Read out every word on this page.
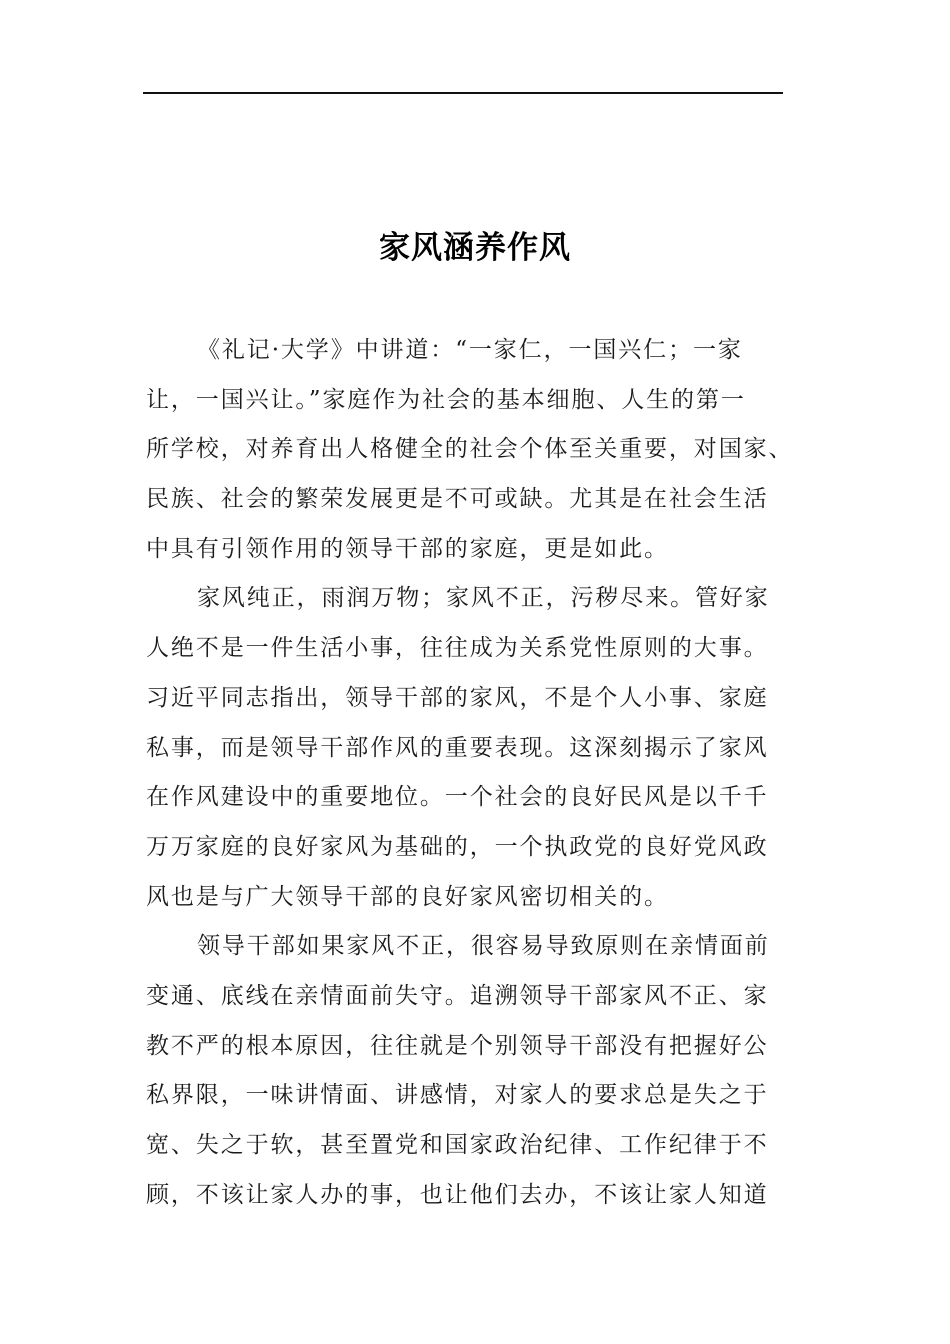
家风涵养作风
《礼记·大学》中讲道：“一家仁，一国兴仁；一家
让，一国兴让。”家庭作为社会的基本细胞、人生的第一
所学校，对养育出人格健全的社会个体至关重要，对国家、
民族、社会的繁荣发展更是不可或缺。尤其是在社会生活
中具有引领作用的领导干部的家庭，更是如此。
家风纯正，雨润万物；家风不正，污秽尽来。管好家
人绝不是一件生活小事，往往成为关系党性原则的大事。
习近平同志指出，领导干部的家风，不是个人小事、家庭
私事，而是领导干部作风的重要表现。这深刻揭示了家风
在作风建设中的重要地位。一个社会的良好民风是以千千
万万家庭的良好家风为基础的，一个执政党的良好党风政
风也是与广大领导干部的良好家风密切相关的。
领导干部如果家风不正，很容易导致原则在亲情面前
变通、底线在亲情面前失守。追溯领导干部家风不正、家
教不严的根本原因，往往就是个别领导干部没有把握好公
私界限，一味讲情面、讲感情，对家人的要求总是失之于
宽、失之于软，甚至置党和国家政治纪律、工作纪律于不
顾，不该让家人办的事，也让他们去办，不该让家人知道
